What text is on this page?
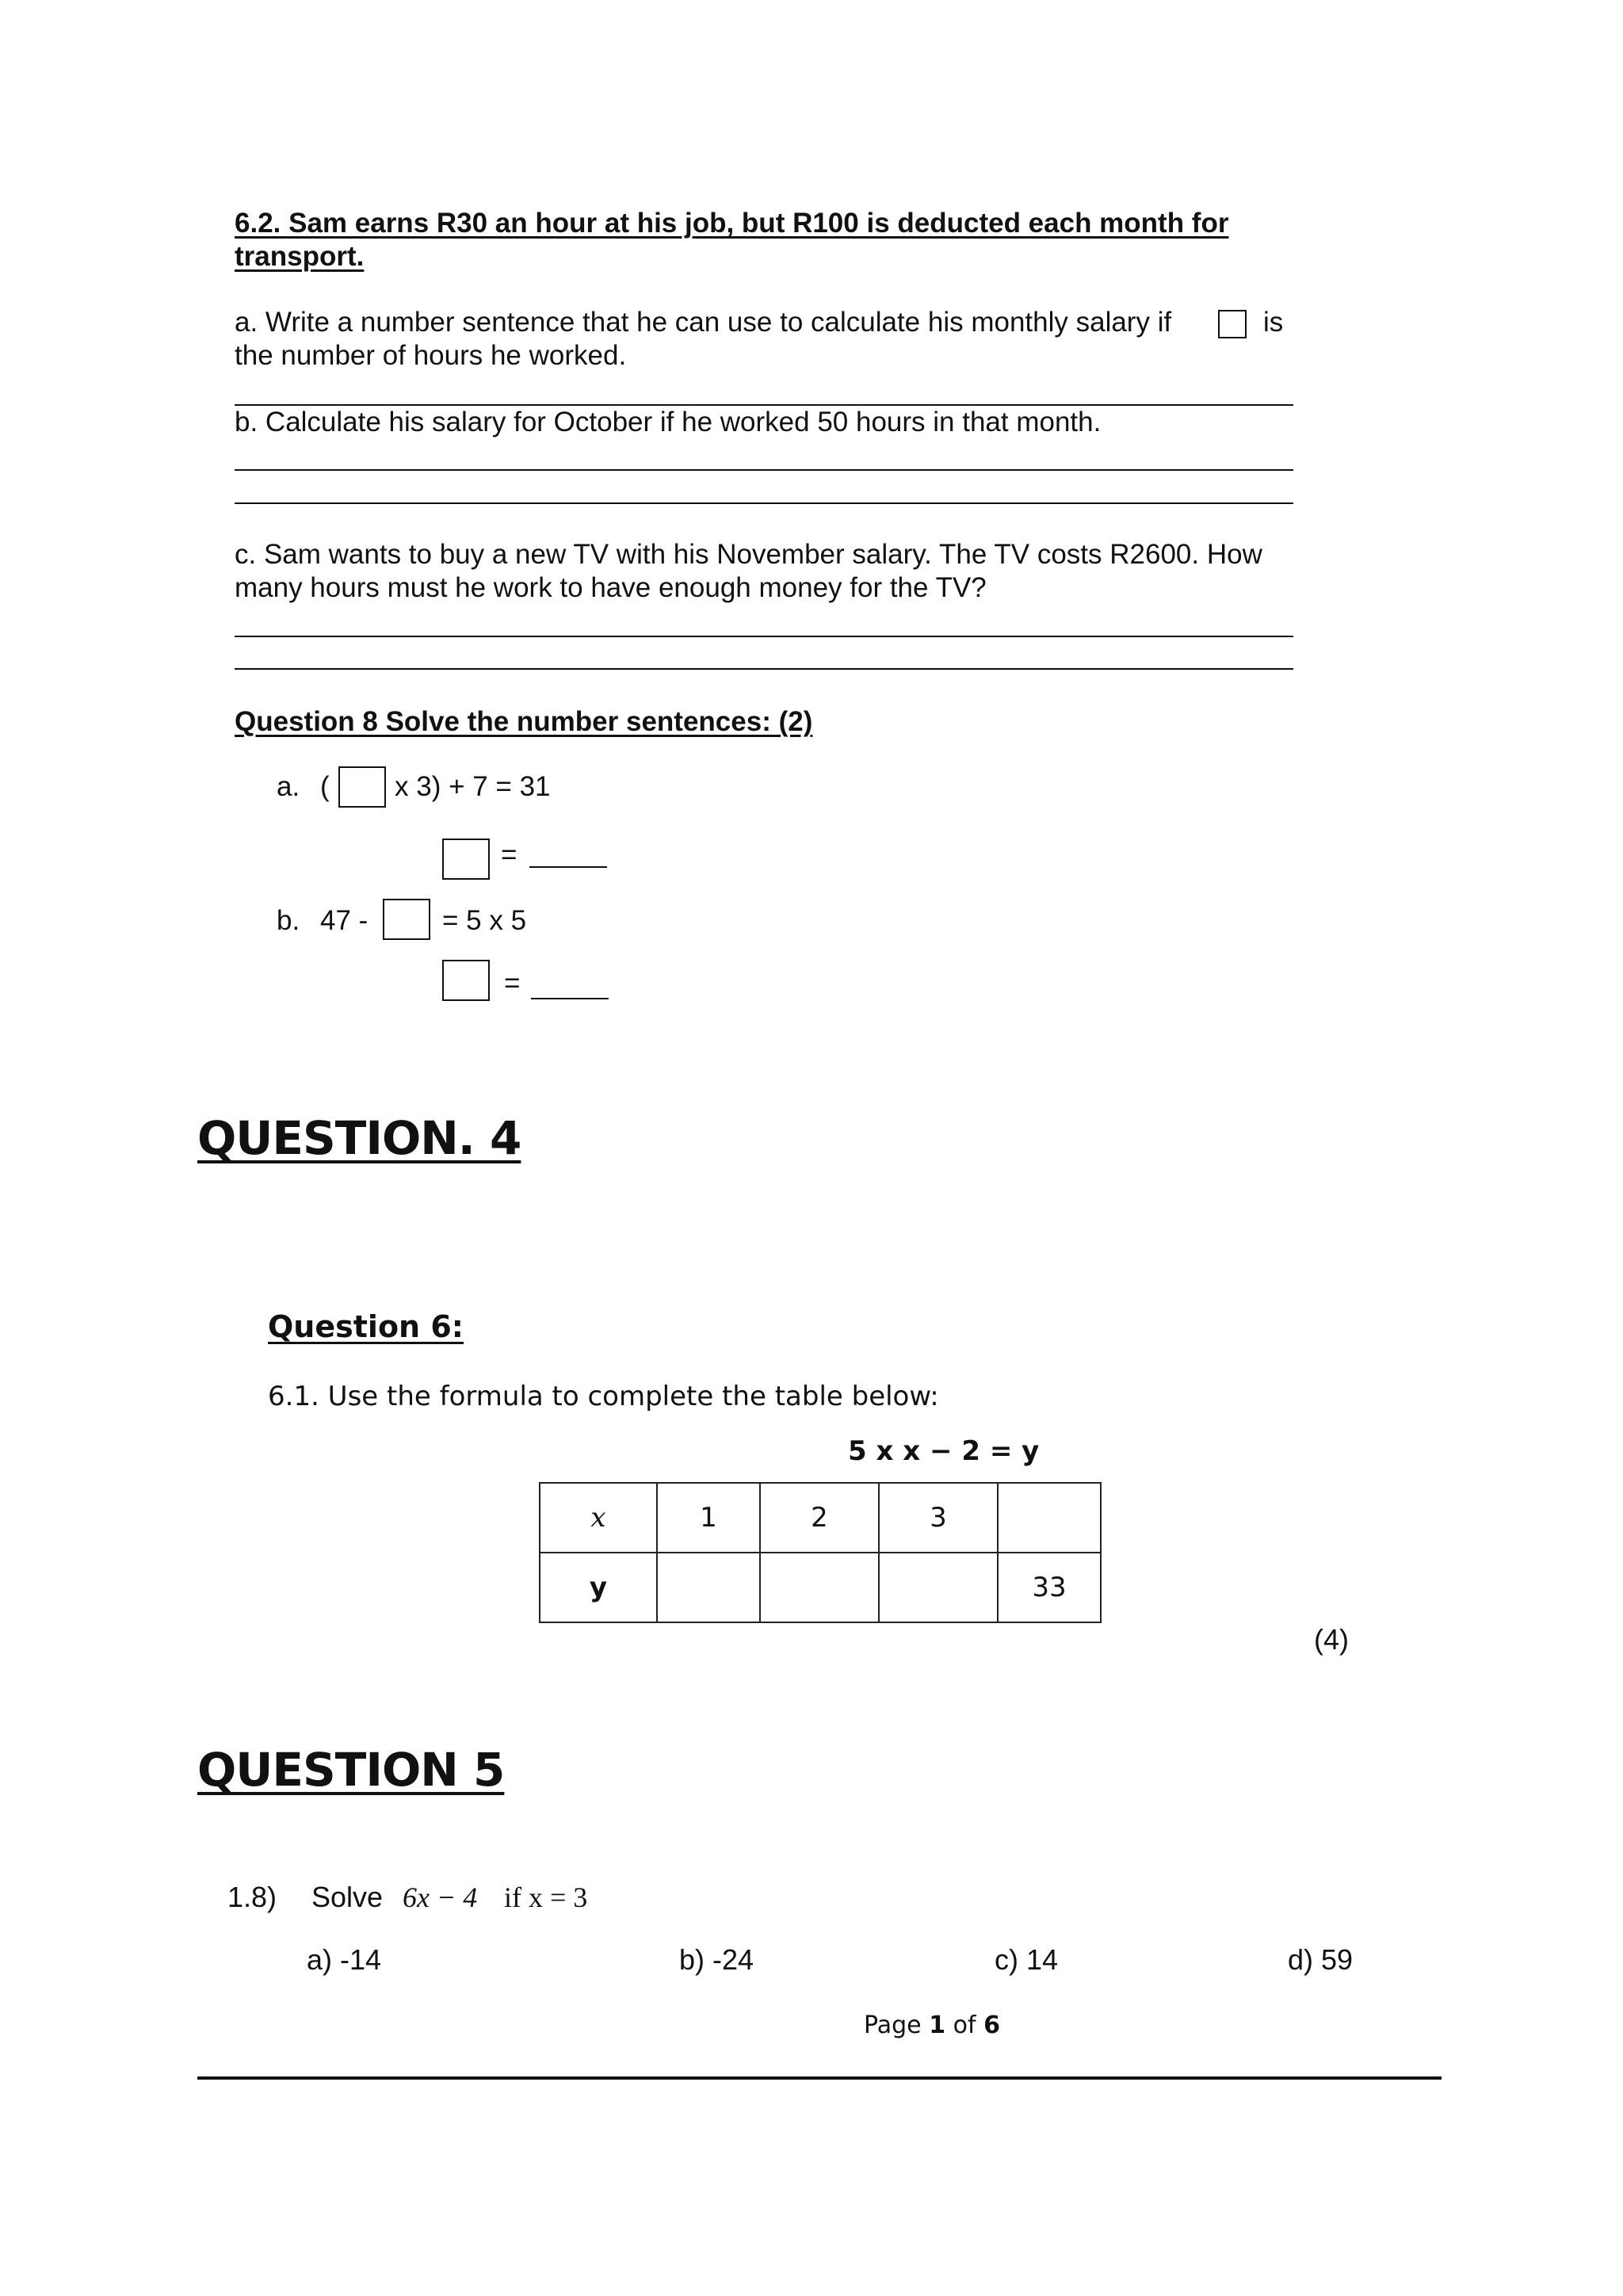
6.2. Sam earns R30 an hour at his job, but R100 is deducted each month for
transport.
a. Write a number sentence that he can use to calculate his monthly salary if	is
the number of hours he worked.
b. Calculate his salary for October if he worked 50 hours in that month.
c. Sam wants to buy a new TV with his November salary. The TV costs R2600. How
many hours must he work to have enough money for the TV?
Question 8 Solve the number sentences: (2)
a. ( x 3) + 7 = 31
=
b. 47 -	= 5 x 5
=
QUESTION. 4
Question 6:
6.1. Use the formula to complete the table below:
5 x x − 2 = y
x	1	2	3	
y				33
(4)
QUESTION 5
1.8) Solve 6x − 4 if x = 3
a) -14	b) -24	c) 14	d) 59
Page 1 of 6
